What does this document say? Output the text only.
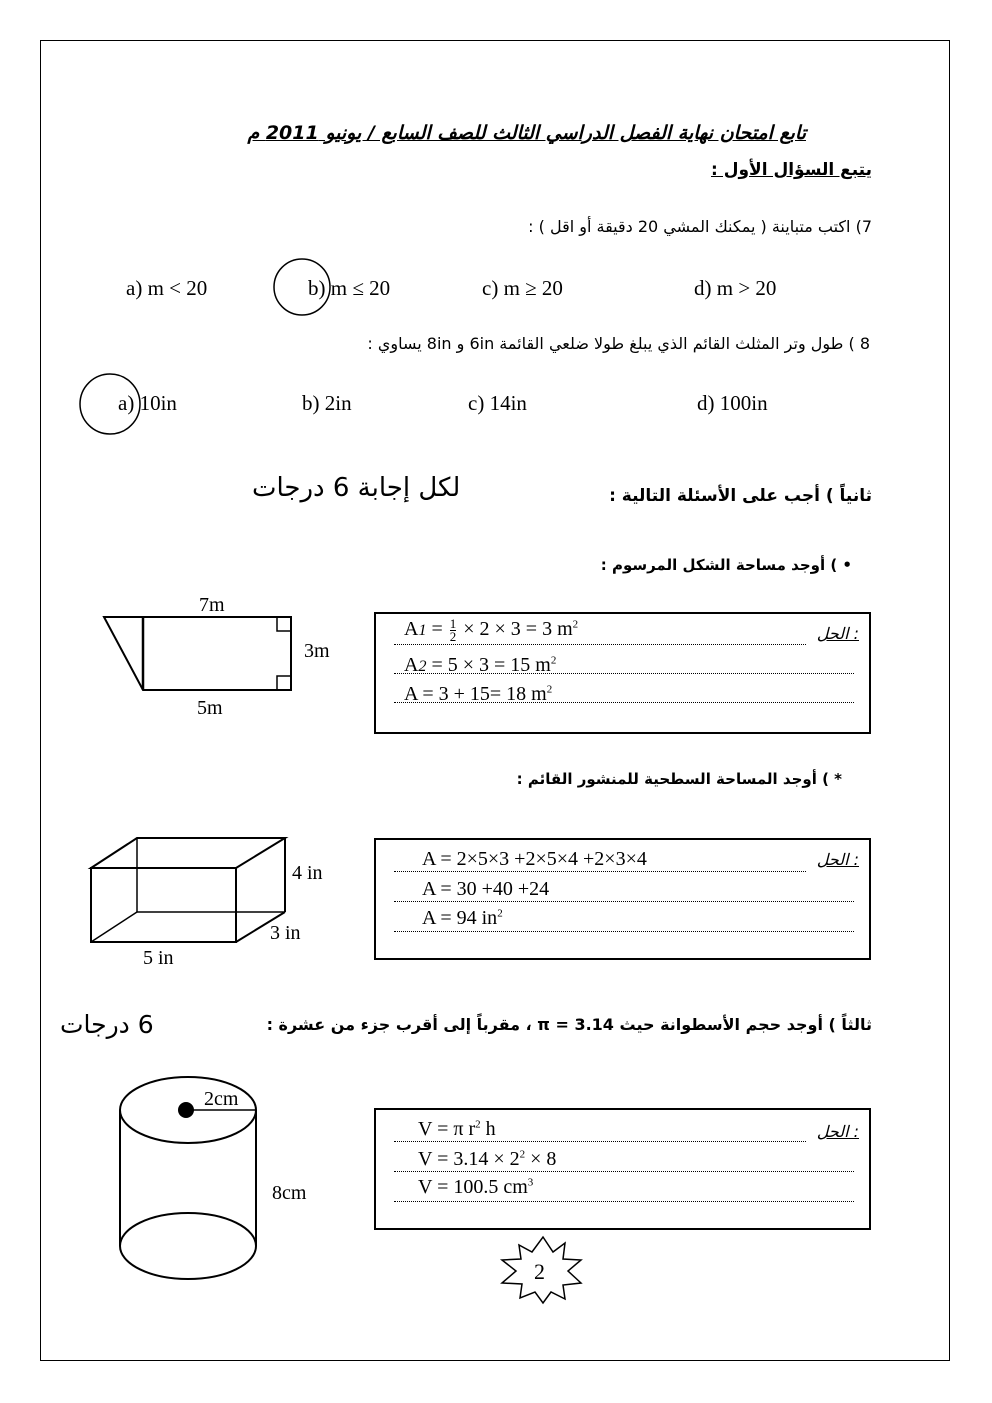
تابع امتحان نهاية الفصل الدراسي الثالث للصف السابع / يونيو 2011 م
يتبع السؤال الأول :
7) اكتب متباينة ( يمكنك المشي 20 دقيقة أو اقل ) :
a) m < 20	b) m ≤ 20	c) m ≥ 20	d) m > 20
8 ) طول وتر المثلث القائم الذي يبلغ طولا ضلعي القائمة 6in و 8in يساوي :
a) 10in	b) 2in	c) 14in	d) 100in
ثانياً ) أجب على الأسئلة التالية :
لكل إجابة 6 درجات
• ) أوجد مساحة الشكل المرسوم :
7m
3m
5m
الحل :
$A1 = \frac{1}{2} \times 2 \times 3 = 3$ $m^2$
A2 = 5 × 3 = 15 $m^2$
A = 3 + 15= 18 $m^2$
* ) أوجد المساحة السطحية للمنشور القائم :
4 in
3 in
5 in
الحل :
A = 2×5×3 +2×5×4 +2×3×4
A = 30 +40 +24
A = 94 $in^2$
ثالثاً ) أوجد حجم الأسطوانة حيث π = 3.14 ، مقرباً إلى أقرب جزء من عشرة :
6 درجات
2cm
8cm
الحل :
V = π $r^2$ h
$V = 3.14 \times 2^2 \times 8$
V = 100.5 $cm^3$
2
